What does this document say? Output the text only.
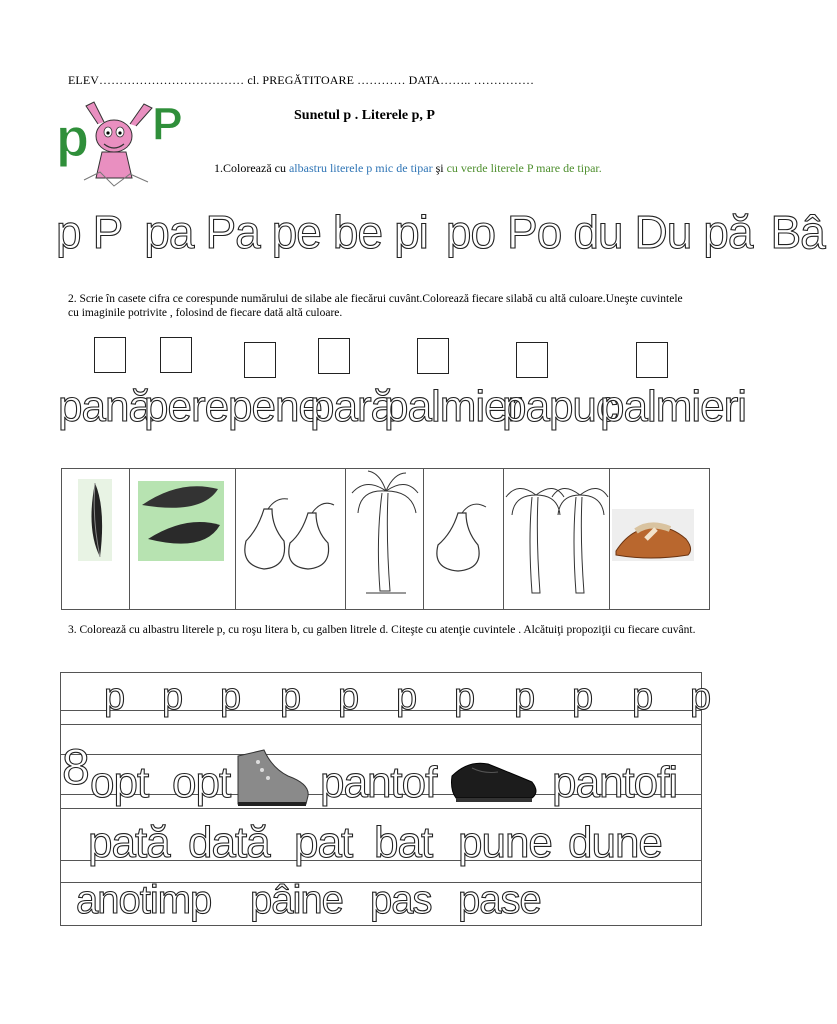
ELEV……………………………… cl. PREGĂTITOARE ………… DATA…….. ……………
Sunetul p . Literele p, P
p P
1.Colorează cu albastru literele p mic de tipar şi cu verde literele P mare de tipar.
p P pa Pa pe be pi po Po du Du pă Bâ
2. Scrie în casete cifra ce corespunde numărului de silabe ale fiecărui cuvânt.Colorează fiecare silabă cu altă culoare.Uneşte cuvintele cu imaginile potrivite , folosind de fiecare dată altă culoare.
pană
pere pene
pară
palmier
papuc
palmieri
3. Colorează cu albastru literele p, cu roşu litera b, cu galben litrele d. Citeşte cu atenţie cuvintele . Alcătuiţi propoziţii cu fiecare cuvânt.
p p p p p p p p p p p
8 opt opt pantof	pantofi
pată dată pat bat pune dune
anotimp pâine pas pase
